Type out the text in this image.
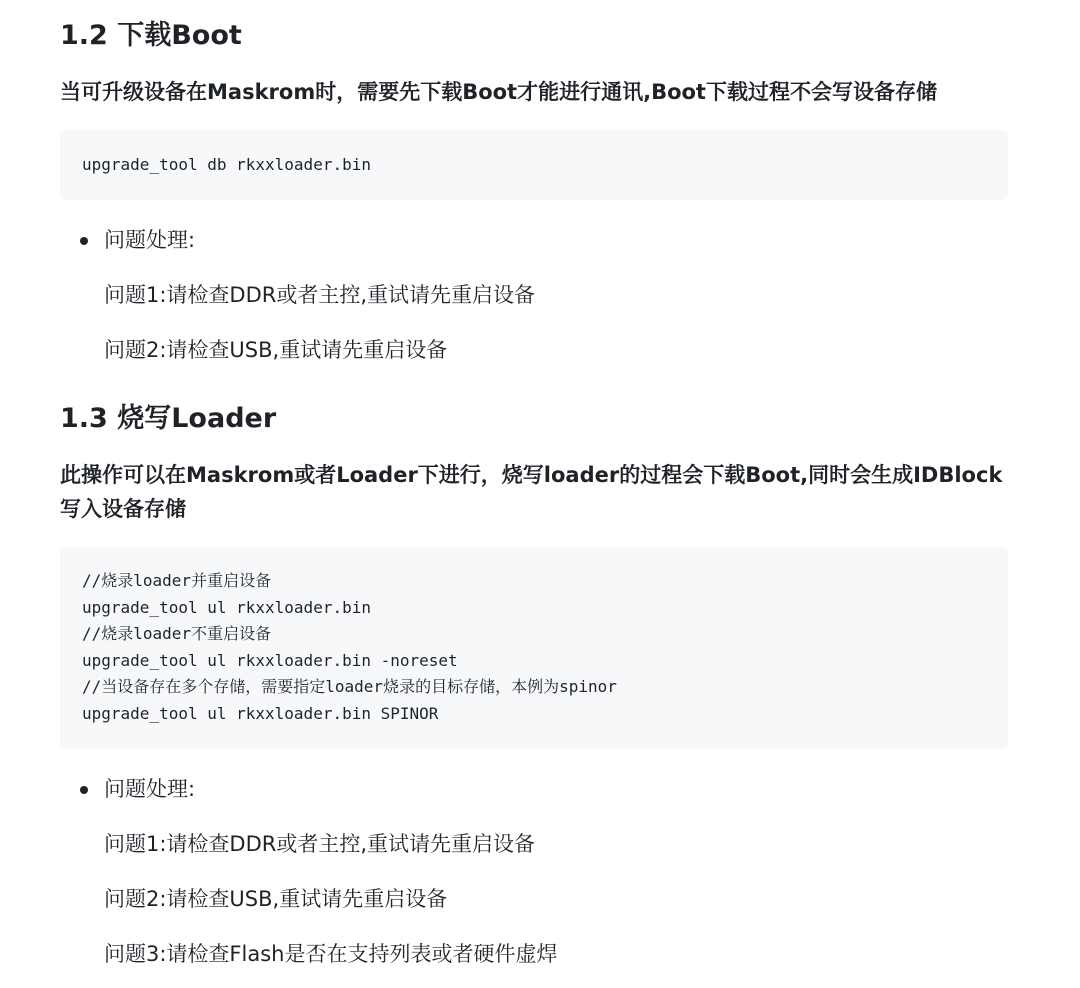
1.2 下载Boot

当可升级设备在Maskrom时，需要先下载Boot才能进行通讯,Boot下载过程不会写设备存储

upgrade_tool db rkxxloader.bin
问题处理:
问题1:请检查DDR或者主控,重试请先重启设备
问题2:请检查USB,重试请先重启设备
1.3 烧写Loader

此操作可以在Maskrom或者Loader下进行，烧写loader的过程会下载Boot,同时会生成IDBlock写入设备存储

//烧录loader并重启设备
upgrade_tool ul rkxxloader.bin
//烧录loader不重启设备
upgrade_tool ul rkxxloader.bin -noreset
//当设备存在多个存储，需要指定loader烧录的目标存储，本例为spinor
upgrade_tool ul rkxxloader.bin SPINOR
问题处理:
问题1:请检查DDR或者主控,重试请先重启设备
问题2:请检查USB,重试请先重启设备
问题3:请检查Flash是否在支持列表或者硬件虚焊
